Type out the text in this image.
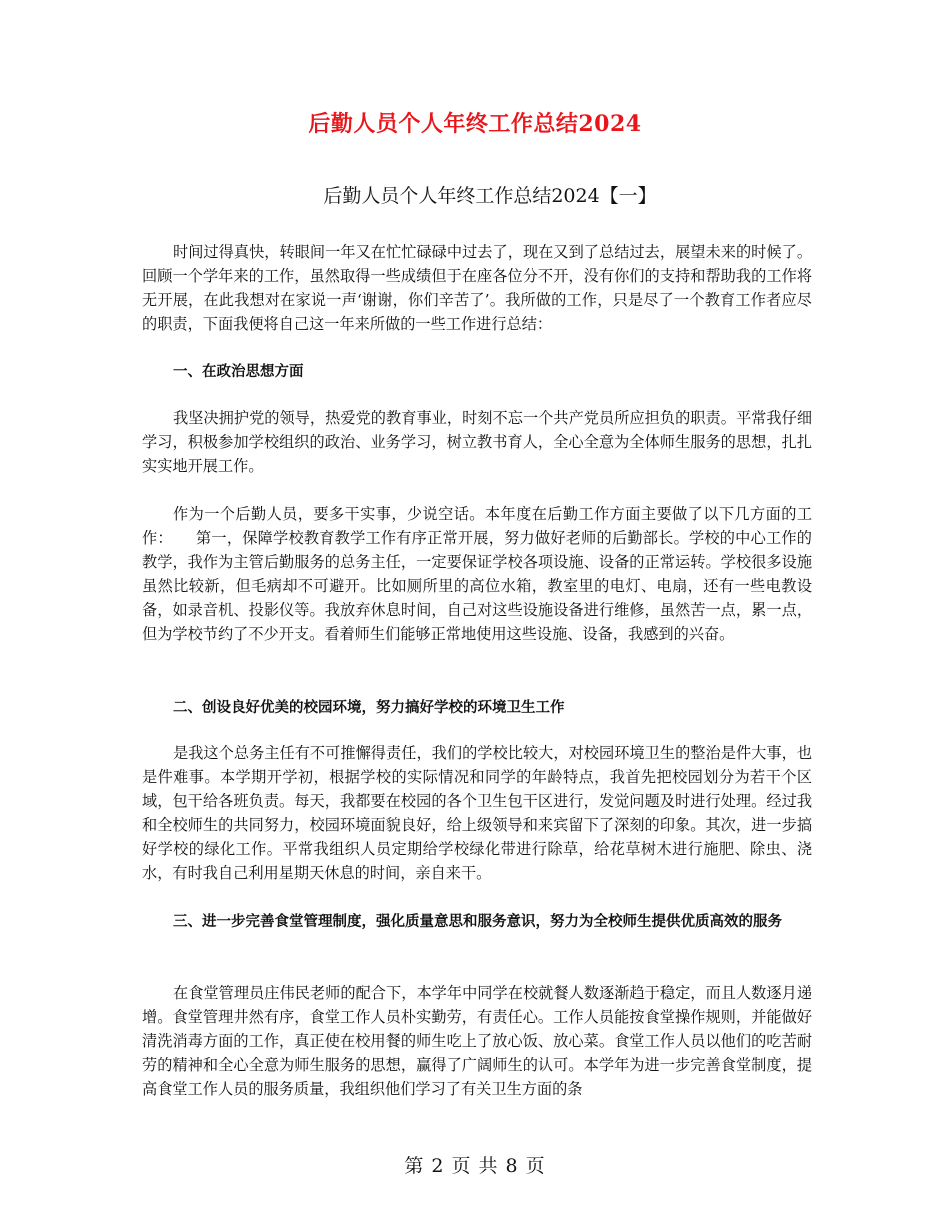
后勤人员个人年终工作总结2024
后勤人员个人年终工作总结2024【一】

时间过得真快，转眼间一年又在忙忙碌碌中过去了，现在又到了总结过去，展望未来的时候了。回顾一个学年来的工作，虽然取得一些成绩但于在座各位分不开，没有你们的支持和帮助我的工作将无开展，在此我想对在家说一声‘谢谢，你们辛苦了’。我所做的工作，只是尽了一个教育工作者应尽的职责，下面我便将自己这一年来所做的一些工作进行总结：

一、在政治思想方面

我坚决拥护党的领导，热爱党的教育事业，时刻不忘一个共产党员所应担负的职责。平常我仔细学习，积极参加学校组织的政治、业务学习，树立教书育人，全心全意为全体师生服务的思想，扎扎实实地开展工作。

作为一个后勤人员，要多干实事，少说空话。本年度在后勤工作方面主要做了以下几方面的工作：　　第一，保障学校教育教学工作有序正常开展，努力做好老师的后勤部长。学校的中心工作的教学，我作为主管后勤服务的总务主任，一定要保证学校各项设施、设备的正常运转。学校很多设施虽然比较新，但毛病却不可避开。比如厕所里的高位水箱，教室里的电灯、电扇，还有一些电教设备，如录音机、投影仪等。我放弃休息时间，自己对这些设施设备进行维修，虽然苦一点，累一点，但为学校节约了不少开支。看着师生们能够正常地使用这些设施、设备，我感到的兴奋。

二、创设良好优美的校园环境，努力搞好学校的环境卫生工作

是我这个总务主任有不可推懈得责任，我们的学校比较大，对校园环境卫生的整治是件大事，也是件难事。本学期开学初，根据学校的实际情况和同学的年龄特点，我首先把校园划分为若干个区域，包干给各班负责。每天，我都要在校园的各个卫生包干区进行，发觉问题及时进行处理。经过我和全校师生的共同努力，校园环境面貌良好，给上级领导和来宾留下了深刻的印象。其次，进一步搞好学校的绿化工作。平常我组织人员定期给学校绿化带进行除草，给花草树木进行施肥、除虫、浇水，有时我自己利用星期天休息的时间，亲自来干。

三、进一步完善食堂管理制度，强化质量意思和服务意识，努力为全校师生提供优质高效的服务

在食堂管理员庄伟民老师的配合下，本学年中同学在校就餐人数逐渐趋于稳定，而且人数逐月递增。食堂管理井然有序，食堂工作人员朴实勤劳，有责任心。工作人员能按食堂操作规则，并能做好清洗消毒方面的工作，真正使在校用餐的师生吃上了放心饭、放心菜。食堂工作人员以他们的吃苦耐劳的精神和全心全意为师生服务的思想，赢得了广阔师生的认可。本学年为进一步完善食堂制度，提高食堂工作人员的服务质量，我组织他们学习了有关卫生方面的条

第 2 页 共 8 页
